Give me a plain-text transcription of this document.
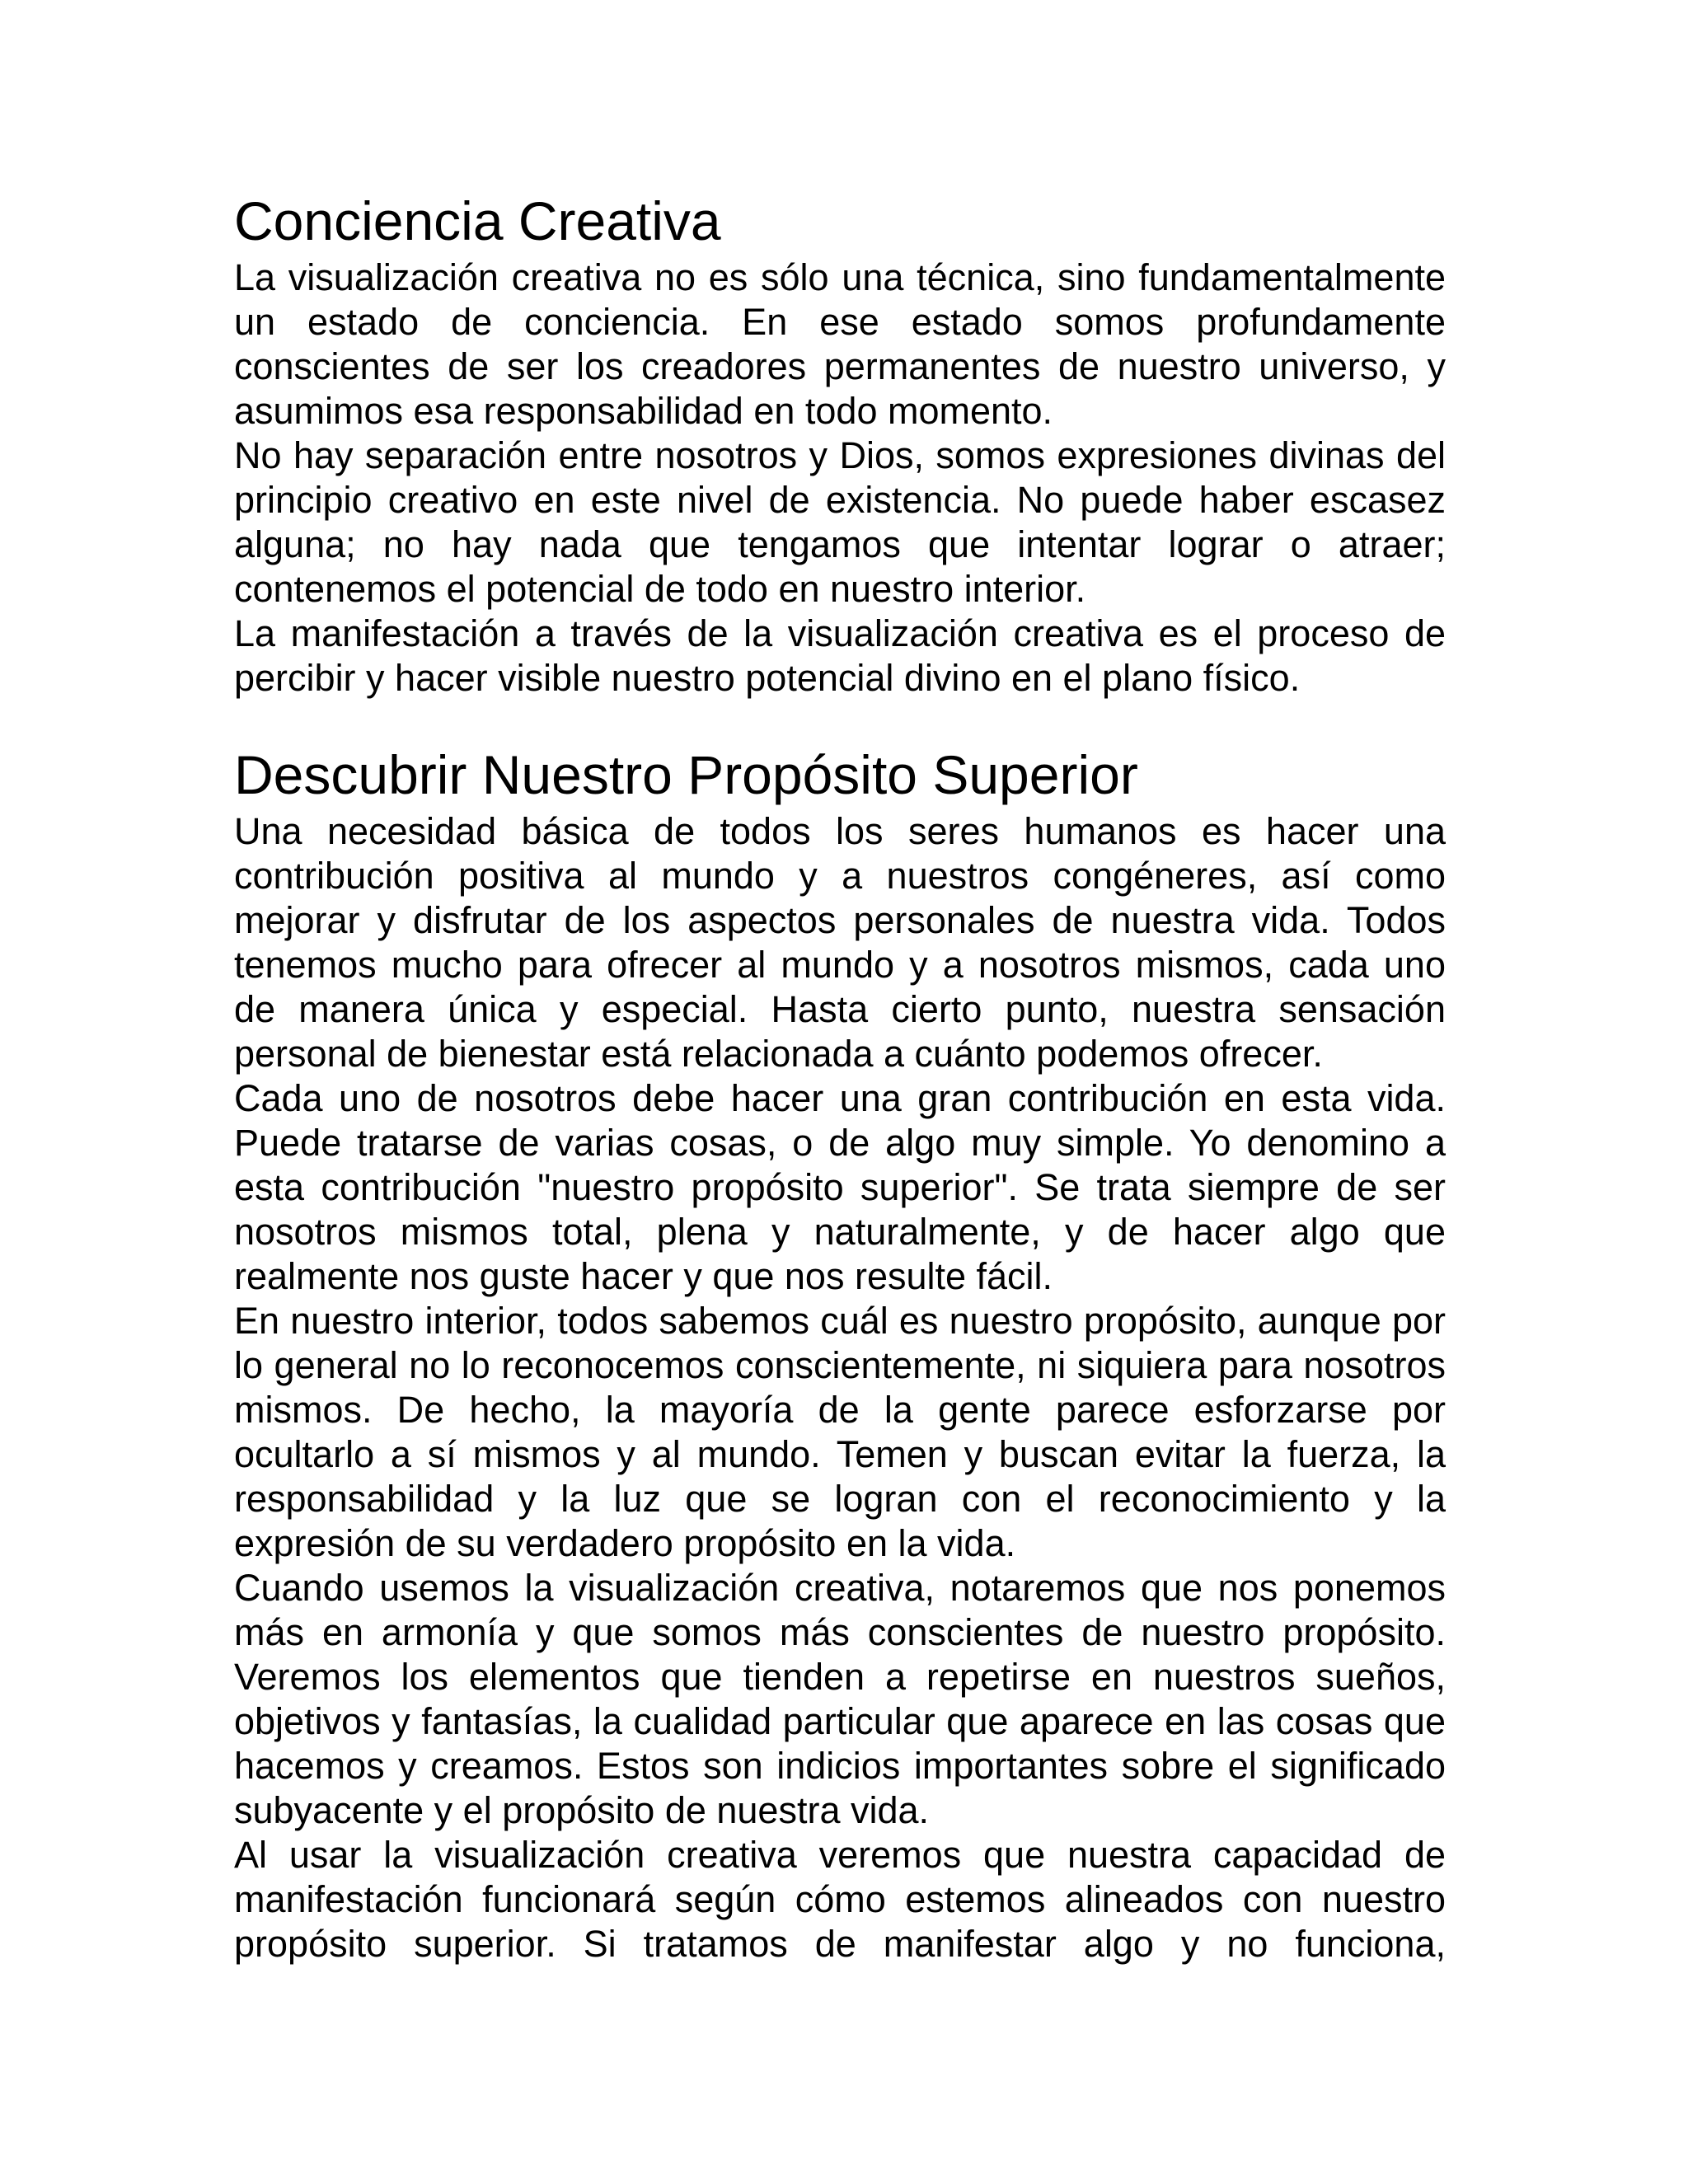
Conciencia Creativa

La visualización creativa no es sólo una técnica, sino fundamentalmente un estado de conciencia. En ese estado somos profundamente conscientes de ser los creadores permanentes de nuestro universo, y asumimos esa responsabilidad en todo momento.

No hay separación entre nosotros y Dios, somos expresiones divinas del principio creativo en este nivel de existencia. No puede haber escasez alguna; no hay nada que tengamos que intentar lograr o atraer; contenemos el potencial de todo en nuestro interior.

La manifestación a través de la visualización creativa es el proceso de percibir y hacer visible nuestro potencial divino en el plano físico.

Descubrir Nuestro Propósito Superior

Una necesidad básica de todos los seres humanos es hacer una contribución positiva al mundo y a nuestros congéneres, así como mejorar y disfrutar de los aspectos personales de nuestra vida. Todos tenemos mucho para ofrecer al mundo y a nosotros mismos, cada uno de manera única y especial. Hasta cierto punto, nuestra sensación personal de bienestar está relacionada a cuánto podemos ofrecer.

Cada uno de nosotros debe hacer una gran contribución en esta vida. Puede tratarse de varias cosas, o de algo muy simple. Yo denomino a esta contribución "nuestro propósito superior". Se trata siempre de ser nosotros mismos total, plena y naturalmente, y de hacer algo que realmente nos guste hacer y que nos resulte fácil.

En nuestro interior, todos sabemos cuál es nuestro propósito, aunque por lo general no lo reconocemos conscientemente, ni siquiera para nosotros mismos. De hecho, la mayoría de la gente parece esforzarse por ocultarlo a sí mismos y al mundo. Temen y buscan evitar la fuerza, la responsabilidad y la luz que se logran con el reconocimiento y la expresión de su verdadero propósito en la vida.

Cuando usemos la visualización creativa, notaremos que nos ponemos más en armonía y que somos más conscientes de nuestro propósito. Veremos los elementos que tienden a repetirse en nuestros sueños, objetivos y fantasías, la cualidad particular que aparece en las cosas que hacemos y creamos. Estos son indicios importantes sobre el significado subyacente y el propósito de nuestra vida.

Al usar la visualización creativa veremos que nuestra capacidad de manifestación funcionará según cómo estemos alineados con nuestro propósito superior. Si tratamos de manifestar algo y no funciona,
